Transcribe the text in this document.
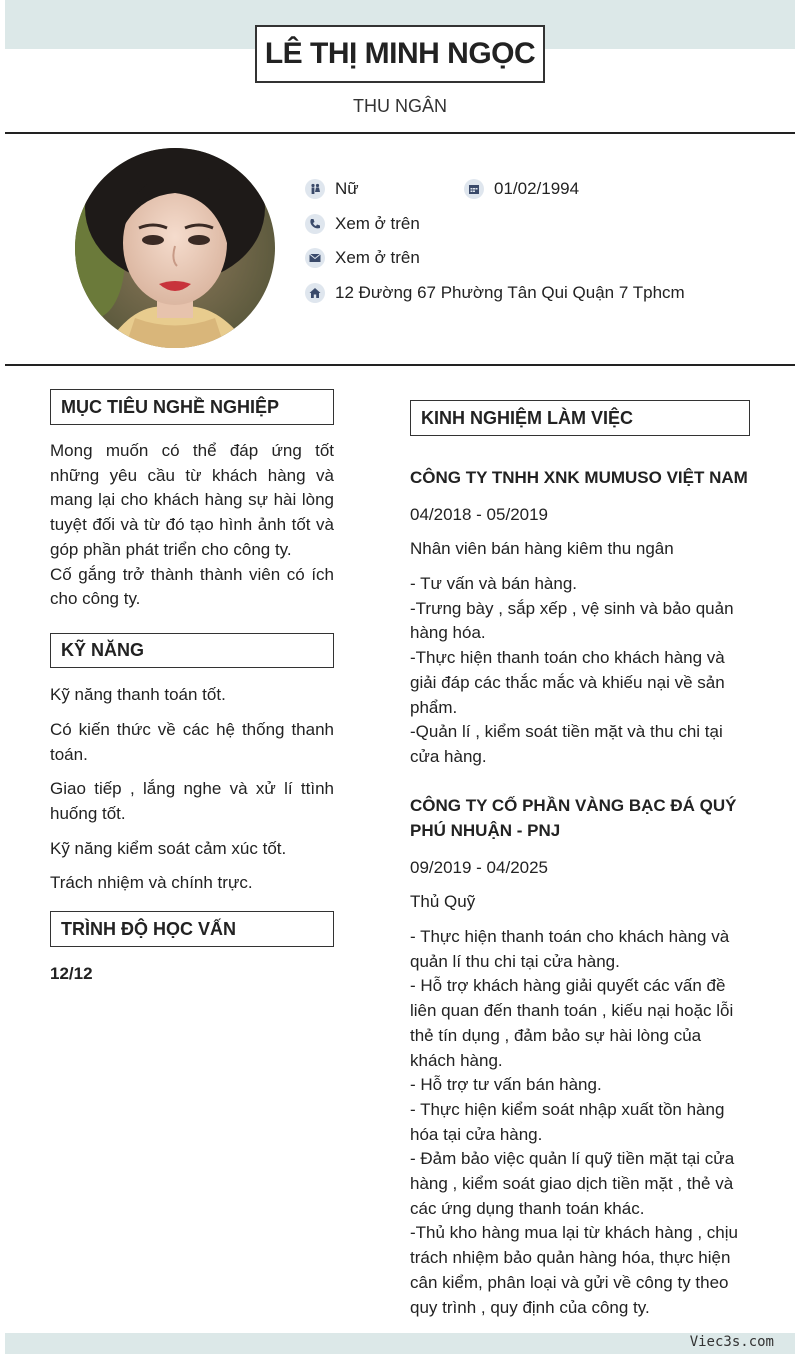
LÊ THỊ MINH NGỌC
THU NGÂN
Nữ	01/02/1994
Xem ở trên
Xem ở trên
12 Đường 67 Phường Tân Qui Quận 7 Tphcm
MỤC TIÊU NGHỀ NGHIỆP
Mong muốn có thể đáp ứng tốt những yêu cầu từ khách hàng và mang lại cho khách hàng sự hài lòng tuyệt đối và từ đó tạo hình ảnh tốt và góp phần phát triển cho công ty.
Cố gắng trở thành thành viên có ích cho công ty.
KỸ NĂNG
Kỹ năng thanh toán tốt.
Có kiến thức về các hệ thống thanh toán.
Giao tiếp , lắng nghe và xử lí ttình huống tốt.
Kỹ năng kiểm soát cảm xúc tốt.
Trách nhiệm và chính trực.
TRÌNH ĐỘ HỌC VẤN
12/12
KINH NGHIỆM LÀM VIỆC
CÔNG TY TNHH XNK MUMUSO VIỆT NAM
04/2018 - 05/2019
Nhân viên bán hàng kiêm thu ngân
- Tư vấn và bán hàng.
-Trưng bày , sắp xếp , vệ sinh và bảo quản hàng hóa.
-Thực hiện thanh toán cho khách hàng và giải đáp các thắc mắc và khiếu nại về sản phẩm.
-Quản lí , kiểm soát tiền mặt và thu chi tại cửa hàng.
CÔNG TY CỐ PHẦN VÀNG BẠC ĐÁ QUÝ PHÚ NHUẬN - PNJ
09/2019 - 04/2025
Thủ Quỹ
- Thực hiện thanh toán cho khách hàng và quản lí thu chi tại cửa hàng.
- Hỗ trợ khách hàng giải quyết các vấn đề liên quan đến thanh toán , kiếu nại hoặc lỗi thẻ tín dụng , đảm bảo sự hài lòng của khách hàng.
- Hỗ trợ tư vấn bán hàng.
- Thực hiện kiểm soát nhập xuất tồn hàng hóa tại cửa hàng.
- Đảm bảo việc quản lí quỹ tiền mặt tại cửa hàng , kiểm soát giao dịch tiền mặt , thẻ và các ứng dụng thanh toán khác.
-Thủ kho hàng mua lại từ khách hàng , chịu trách nhiệm bảo quản hàng hóa, thực hiện cân kiểm, phân loại và gửi về công ty theo quy trình , quy định của công ty.
Viec3s.com
